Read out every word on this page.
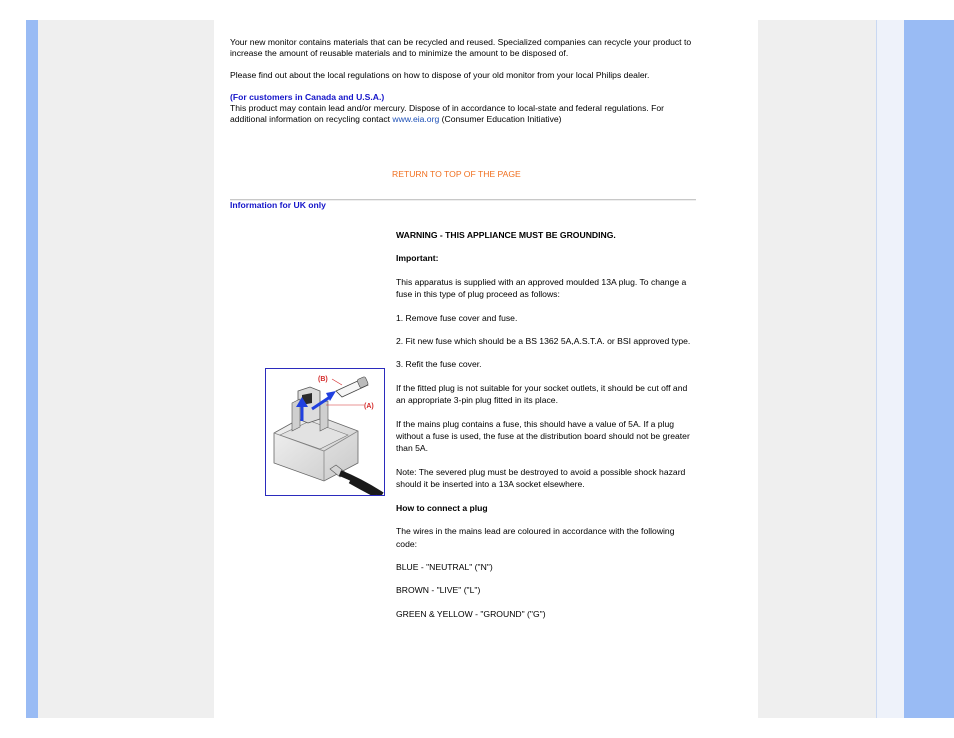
Your new monitor contains materials that can be recycled and reused. Specialized companies can recycle your product to increase the amount of reusable materials and to minimize the amount to be disposed of.

Please find out about the local regulations on how to dispose of your old monitor from your local Philips dealer.

(For customers in Canada and U.S.A.)

This product may contain lead and/or mercury. Dispose of in accordance to local-state and federal regulations. For additional information on recycling contact www.eia.org (Consumer Education Initiative)

RETURN TO TOP OF THE PAGE
Information for UK only
(B)
(A)

WARNING - THIS APPLIANCE MUST BE GROUNDING.

Important:

This apparatus is supplied with an approved moulded 13A plug. To change a fuse in this type of plug proceed as follows:

1. Remove fuse cover and fuse.

2. Fit new fuse which should be a BS 1362 5A,A.S.T.A. or BSI approved type.

3. Refit the fuse cover.

If the fitted plug is not suitable for your socket outlets, it should be cut off and an appropriate 3-pin plug fitted in its place.

If the mains plug contains a fuse, this should have a value of 5A. If a plug without a fuse is used, the fuse at the distribution board should not be greater than 5A.

Note: The severed plug must be destroyed to avoid a possible shock hazard should it be inserted into a 13A socket elsewhere.

How to connect a plug

The wires in the mains lead are coloured in accordance with the following code:

BLUE - "NEUTRAL" ("N")

BROWN - "LIVE" ("L")

GREEN & YELLOW - "GROUND" ("G")
